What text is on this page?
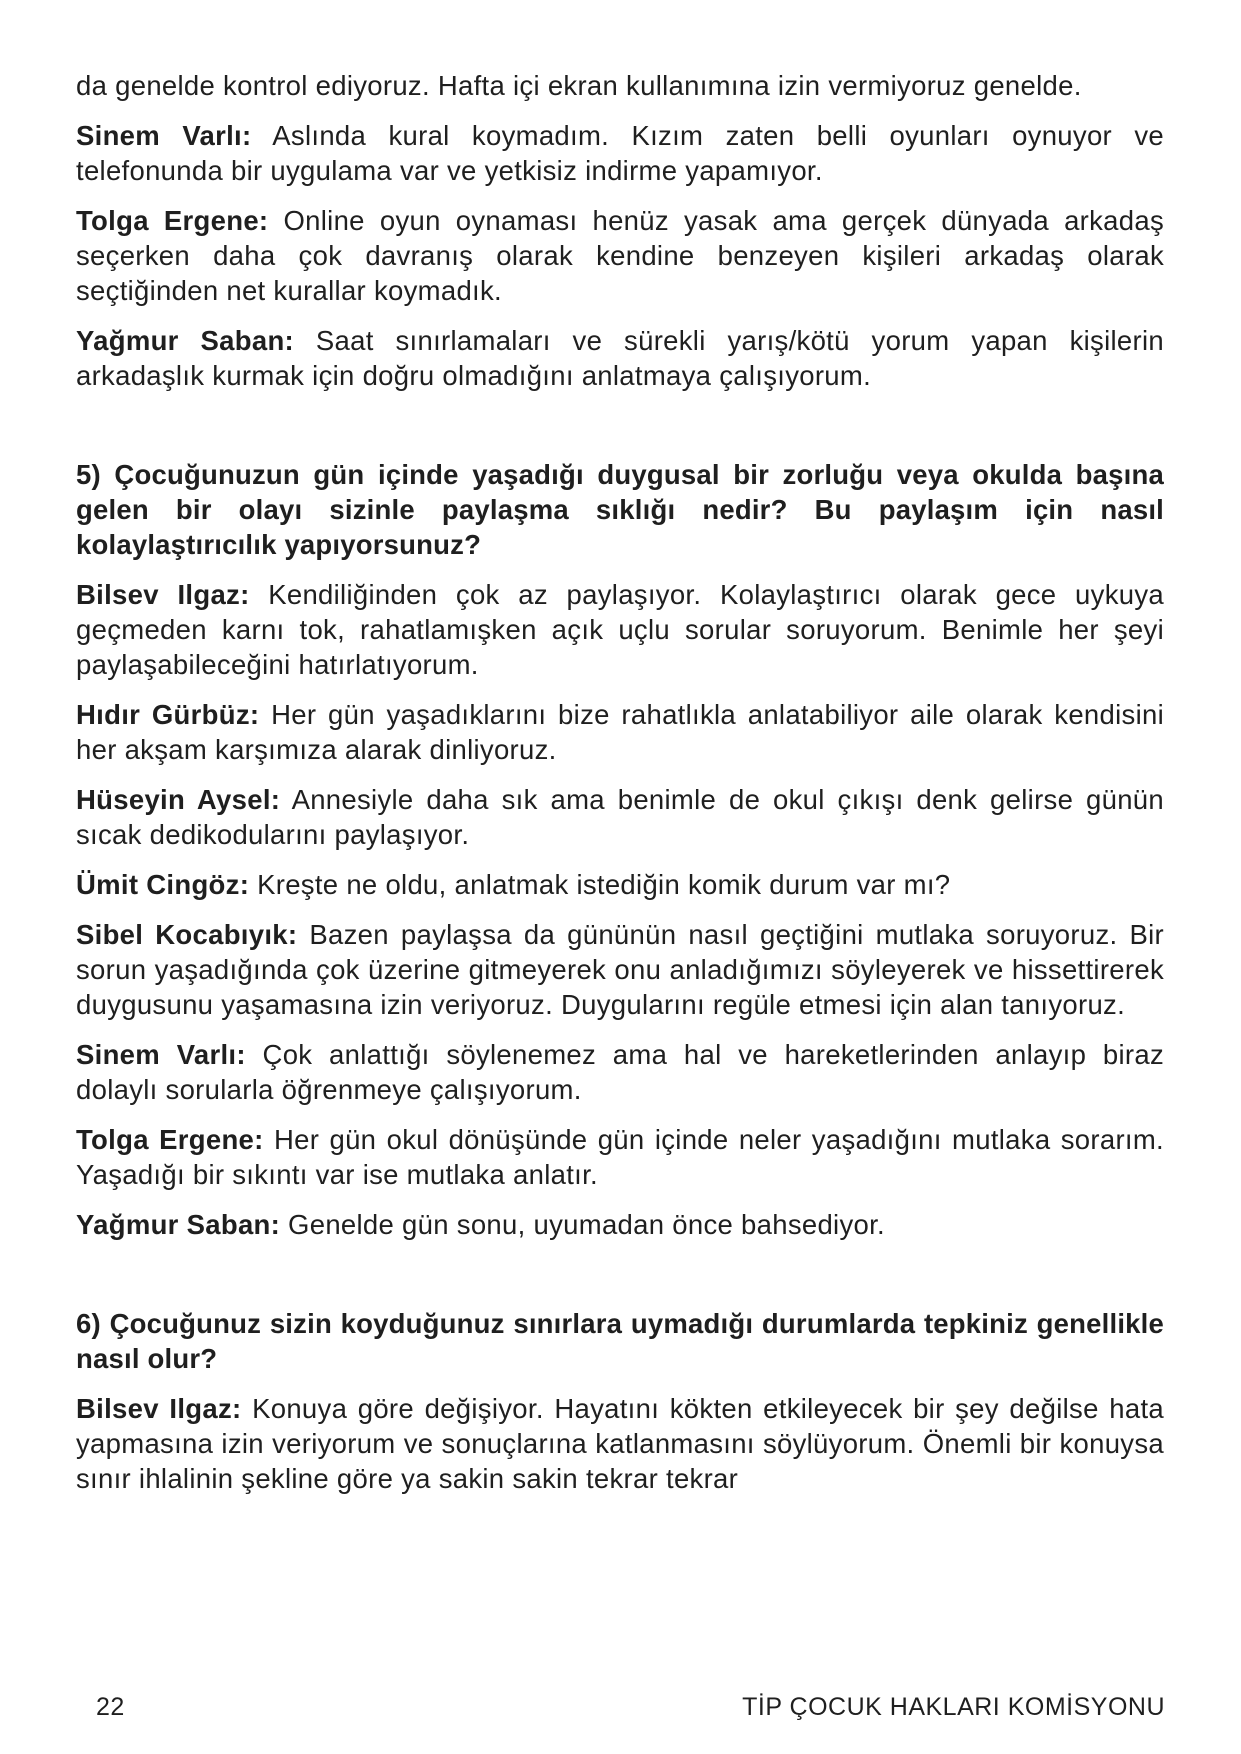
da genelde kontrol ediyoruz. Hafta içi ekran kullanımına izin vermiyoruz genelde.

Sinem Varlı: Aslında kural koymadım. Kızım zaten belli oyunları oynuyor ve telefonunda bir uygulama var ve yetkisiz indirme yapamıyor.

Tolga Ergene: Online oyun oynaması henüz yasak ama gerçek dünyada arkadaş seçerken daha çok davranış olarak kendine benzeyen kişileri arkadaş olarak seçtiğinden net kurallar koymadık.

Yağmur Saban: Saat sınırlamaları ve sürekli yarış/kötü yorum yapan kişilerin arkadaşlık kurmak için doğru olmadığını anlatmaya çalışıyorum.

5) Çocuğunuzun gün içinde yaşadığı duygusal bir zorluğu veya okulda başına gelen bir olayı sizinle paylaşma sıklığı nedir? Bu paylaşım için nasıl kolaylaştırıcılık yapıyorsunuz?

Bilsev Ilgaz: Kendiliğinden çok az paylaşıyor. Kolaylaştırıcı olarak gece uykuya geçmeden karnı tok, rahatlamışken açık uçlu sorular soruyorum. Benimle her şeyi paylaşabileceğini hatırlatıyorum.

Hıdır Gürbüz: Her gün yaşadıklarını bize rahatlıkla anlatabiliyor aile olarak kendisini her akşam karşımıza alarak dinliyoruz.

Hüseyin Aysel: Annesiyle daha sık ama benimle de okul çıkışı denk gelirse günün sıcak dedikodularını paylaşıyor.

Ümit Cingöz: Kreşte ne oldu, anlatmak istediğin komik durum var mı?

Sibel Kocabıyık: Bazen paylaşsa da gününün nasıl geçtiğini mutlaka soruyoruz. Bir sorun yaşadığında çok üzerine gitmeyerek onu anladığımızı söyleyerek ve hissettirerek duygusunu yaşamasına izin veriyoruz. Duygularını regüle etmesi için alan tanıyoruz.

Sinem Varlı: Çok anlattığı söylenemez ama hal ve hareketlerinden anlayıp biraz dolaylı sorularla öğrenmeye çalışıyorum.

Tolga Ergene: Her gün okul dönüşünde gün içinde neler yaşadığını mutlaka sorarım. Yaşadığı bir sıkıntı var ise mutlaka anlatır.

Yağmur Saban: Genelde gün sonu, uyumadan önce bahsediyor.

6) Çocuğunuz sizin koyduğunuz sınırlara uymadığı durumlarda tepkiniz genellikle nasıl olur?

Bilsev Ilgaz: Konuya göre değişiyor. Hayatını kökten etkileyecek bir şey değilse hata yapmasına izin veriyorum ve sonuçlarına katlanmasını söylüyorum. Önemli bir konuysa sınır ihlalinin şekline göre ya sakin sakin tekrar tekrar

22	TİP ÇOCUK HAKLARI KOMİSYONU
